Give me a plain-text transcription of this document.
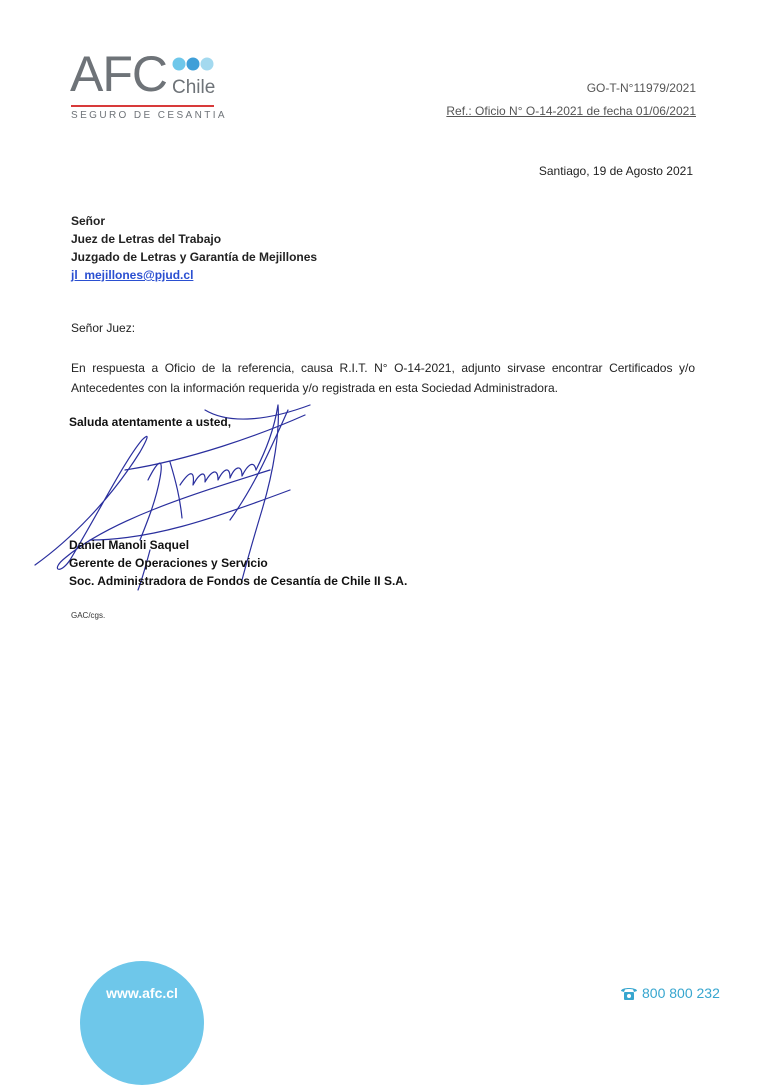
AFC Chile
SEGURO DE CESANTIA
GO-T-N°11979/2021
Ref.: Oficio N° O-14-2021 de fecha 01/06/2021
Santiago, 19 de Agosto 2021
Señor
Juez de Letras del Trabajo
Juzgado de Letras y Garantía de Mejillones
jl_mejillones@pjud.cl
Señor Juez:
En respuesta a Oficio de la referencia, causa R.I.T. N° O-14-2021, adjunto sirvase encontrar Certificados y/o Antecedentes con la información requerida y/o registrada en esta Sociedad Administradora.
Saluda atentamente a usted,
Daniel Manoli Saquel
Gerente de Operaciones y Servicio
Soc. Administradora de Fondos de Cesantía de Chile II S.A.
GAC/cgs.
www.afc.cl	800 800 232
